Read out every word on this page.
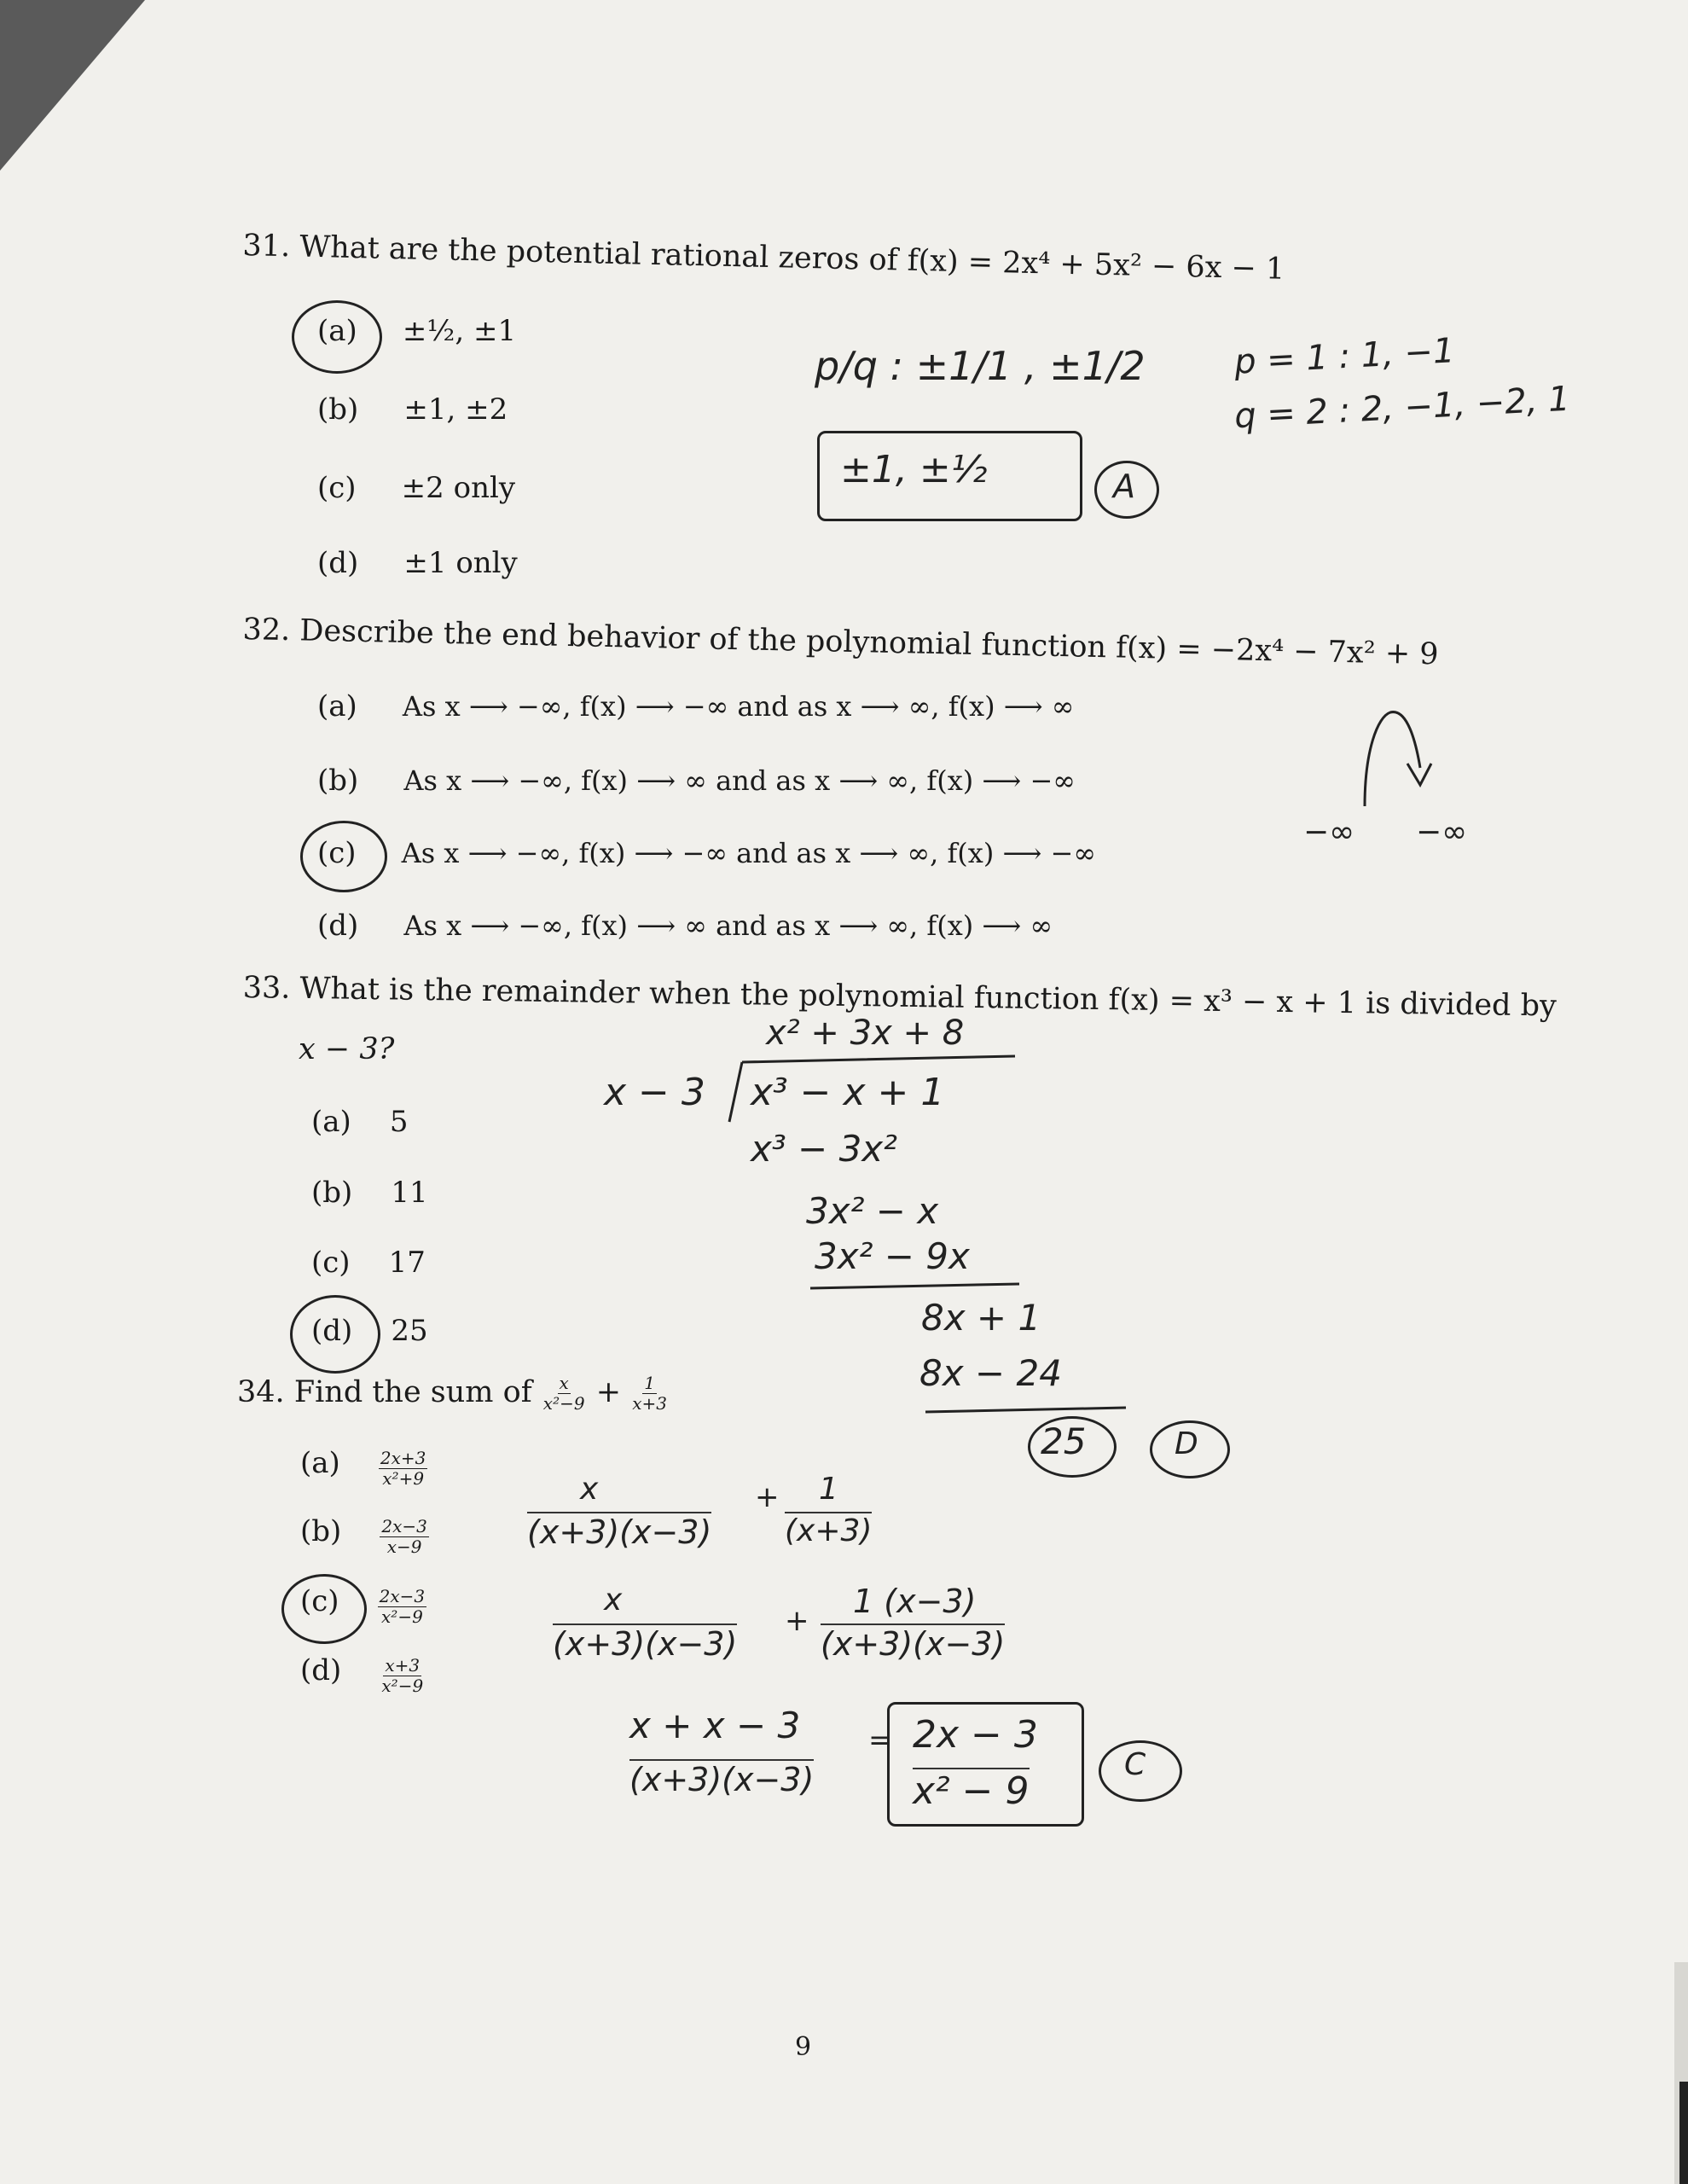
31. What are the potential rational zeros of f(x) = 2x⁴ + 5x² − 6x − 1
(a) ±½, ±1
(b) ±1, ±2
(c) ±2 only
(d) ±1 only
p/q : ±1/1 , ±1/2
±1, ±½	A
p = 1 : 1, −1
q = 2 : 2, −1, −2, 1
32. Describe the end behavior of the polynomial function f(x) = −2x⁴ − 7x² + 9
(a) As x ⟶ −∞, f(x) ⟶ −∞ and as x ⟶ ∞, f(x) ⟶ ∞
(b) As x ⟶ −∞, f(x) ⟶ ∞ and as x ⟶ ∞, f(x) ⟶ −∞
(c) As x ⟶ −∞, f(x) ⟶ −∞ and as x ⟶ ∞, f(x) ⟶ −∞
(d) As x ⟶ −∞, f(x) ⟶ ∞ and as x ⟶ ∞, f(x) ⟶ ∞
−∞ −∞
33. What is the remainder when the polynomial function f(x) = x³ − x + 1 is divided by
x − 3?
(a) 5
(b) 11
(c) 17
(d) 25
x² + 3x + 8
x − 3 x³ − x + 1
x³ − 3x²
3x² − x
3x² − 9x
8x + 1
8x − 24
25	D
34. Find the sum of $\frac{x}{\text{x²−9}} + \frac{1}{x+3}$
$(a) \frac{2x+3}{\text{x²+9}}$
$(b) \frac{2x-3}{x-9}$
$(c) \frac{2x-3}{\text{x²−9}}$
$(d) \frac{x+3}{\text{x²−9}}$
x
(x+3)(x−3)
+ 1
(x+3)
x
(x+3)(x−3)
+
1 (x−3)
(x+3)(x−3)
x + x − 3
(x+3)(x−3)
= 2x − 3
x² − 9
C
9
